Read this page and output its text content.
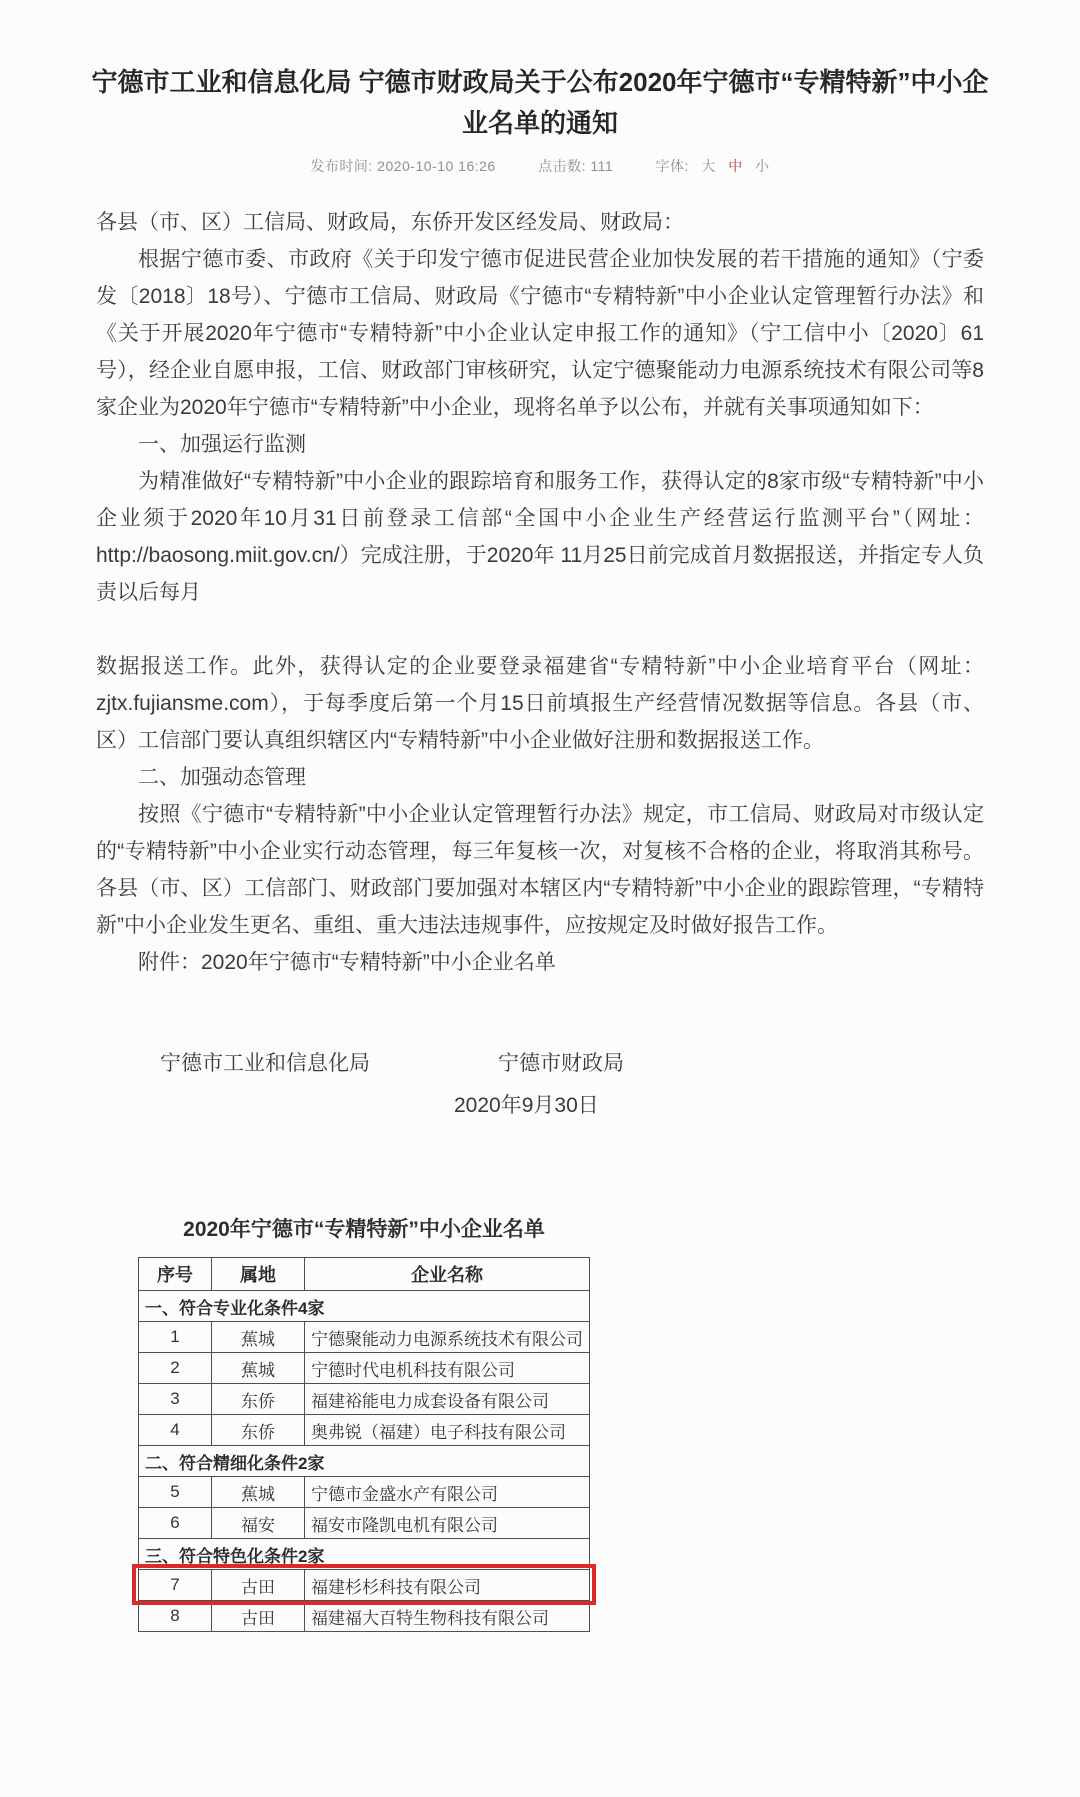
宁德市工业和信息化局 宁德市财政局关于公布2020年宁德市“专精特新”中小企业名单的通知
发布时间: 2020-10-10 16:26	点击数: 111	字体: 大 中 小

各县（市、区）工信局、财政局，东侨开发区经发局、财政局：

根据宁德市委、市政府《关于印发宁德市促进民营企业加快发展的若干措施的通知》（宁委发〔2018〕18号）、宁德市工信局、财政局《宁德市“专精特新”中小企业认定管理暂行办法》和《关于开展2020年宁德市“专精特新”中小企业认定申报工作的通知》（宁工信中小〔2020〕61号），经企业自愿申报，工信、财政部门审核研究，认定宁德聚能动力电源系统技术有限公司等8家企业为2020年宁德市“专精特新”中小企业，现将名单予以公布，并就有关事项通知如下：

一、加强运行监测

为精准做好“专精特新”中小企业的跟踪培育和服务工作，获得认定的8家市级“专精特新”中小企业须于2020年10月31日前登录工信部“全国中小企业生产经营运行监测平台”（网址：http://baosong.miit.gov.cn/）完成注册，于2020年 11月25日前完成首月数据报送，并指定专人负责以后每月

数据报送工作。此外，获得认定的企业要登录福建省“专精特新”中小企业培育平台（网址：zjtx.fujiansme.com），于每季度后第一个月15日前填报生产经营情况数据等信息。各县（市、区）工信部门要认真组织辖区内“专精特新”中小企业做好注册和数据报送工作。

二、加强动态管理

按照《宁德市“专精特新”中小企业认定管理暂行办法》规定，市工信局、财政局对市级认定的“专精特新”中小企业实行动态管理，每三年复核一次，对复核不合格的企业，将取消其称号。各县（市、区）工信部门、财政部门要加强对本辖区内“专精特新”中小企业的跟踪管理，“专精特新”中小企业发生更名、重组、重大违法违规事件，应按规定及时做好报告工作。

附件：2020年宁德市“专精特新”中小企业名单

宁德市工业和信息化局	宁德市财政局
2020年9月30日
2020年宁德市“专精特新”中小企业名单
序号	属地	企业名称
一、符合专业化条件4家		
1	蕉城	宁德聚能动力电源系统技术有限公司
2	蕉城	宁德时代电机科技有限公司
3	东侨	福建裕能电力成套设备有限公司
4	东侨	奥弗锐（福建）电子科技有限公司
二、符合精细化条件2家		
5	蕉城	宁德市金盛水产有限公司
6	福安	福安市隆凯电机有限公司
三、符合特色化条件2家		
7	古田	福建杉杉科技有限公司
8	古田	福建福大百特生物科技有限公司
